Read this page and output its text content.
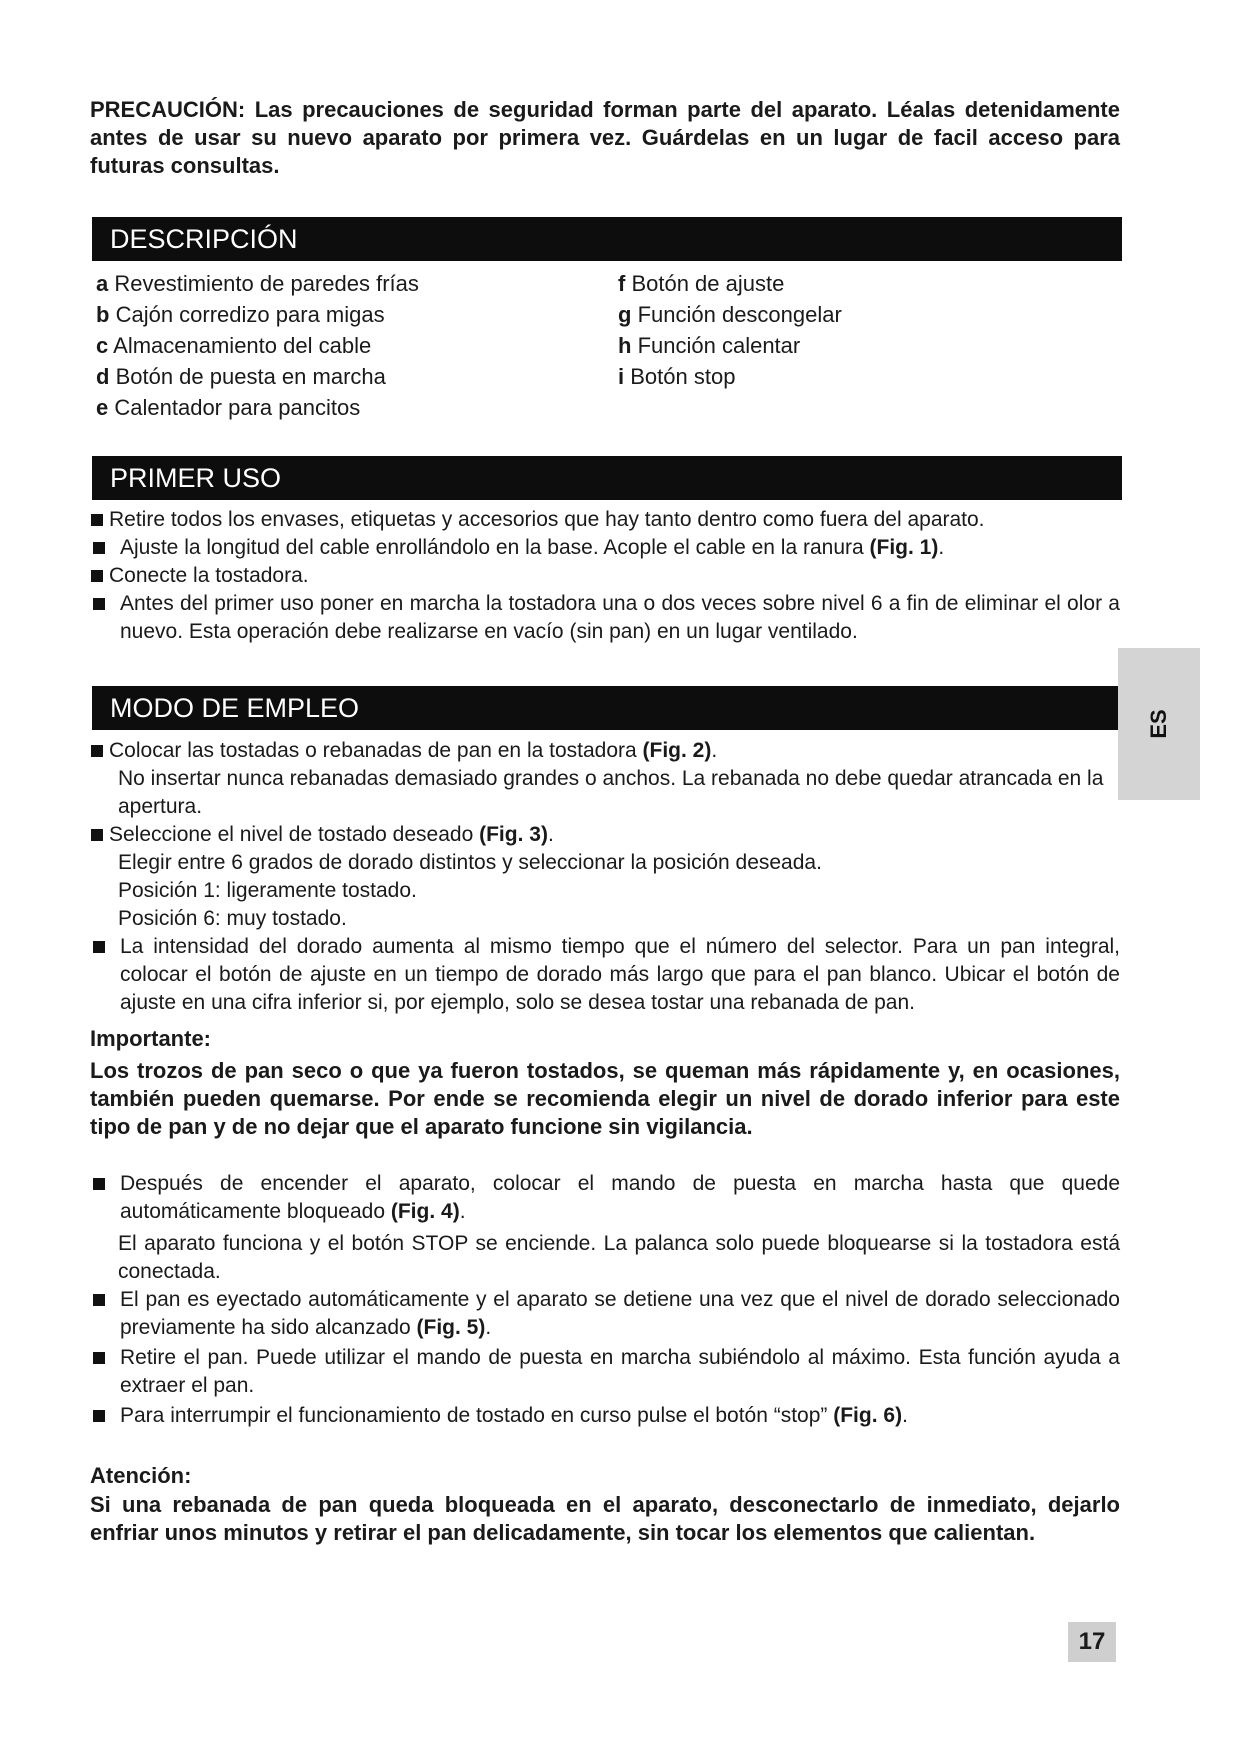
PRECAUCIÓN: Las precauciones de seguridad forman parte del aparato. Léalas detenidamente antes de usar su nuevo aparato por primera vez. Guárdelas en un lugar de facil acceso para futuras consultas.
DESCRIPCIÓN
a Revestimiento de paredes frías
b Cajón corredizo para migas
c Almacenamiento del cable
d Botón de puesta en marcha
e Calentador para pancitos
f Botón de ajuste
g Función descongelar
h Función calentar
i Botón stop
PRIMER USO
Retire todos los envases, etiquetas y accesorios que hay tanto dentro como fuera del aparato.
Ajuste la longitud del cable enrollándolo en la base. Acople el cable en la ranura (Fig. 1).
Conecte la tostadora.
Antes del primer uso poner en marcha la tostadora una o dos veces sobre nivel 6 a fin de eliminar el olor a nuevo. Esta operación debe realizarse en vacío (sin pan) en un lugar ventilado.
MODO DE EMPLEO
Colocar las tostadas o rebanadas de pan en la tostadora (Fig. 2).
No insertar nunca rebanadas demasiado grandes o anchos. La rebanada no debe quedar atrancada en la apertura.
Seleccione el nivel de tostado deseado (Fig. 3).
Elegir entre 6 grados de dorado distintos y seleccionar la posición deseada.
Posición 1: ligeramente tostado.
Posición 6: muy tostado.
La intensidad del dorado aumenta al mismo tiempo que el número del selector. Para un pan integral, colocar el botón de ajuste en un tiempo de dorado más largo que para el pan blanco. Ubicar el botón de ajuste en una cifra inferior si, por ejemplo, solo se desea tostar una rebanada de pan.
Importante:
Los trozos de pan seco o que ya fueron tostados, se queman más rápidamente y, en ocasiones, también pueden quemarse. Por ende se recomienda elegir un nivel de dorado inferior para este tipo de pan y de no dejar que el aparato funcione sin vigilancia.
Después de encender el aparato, colocar el mando de puesta en marcha hasta que quede automáticamente bloqueado (Fig. 4).
El aparato funciona y el botón STOP se enciende. La palanca solo puede bloquearse si la tostadora está conectada.
El pan es eyectado automáticamente y el aparato se detiene una vez que el nivel de dorado seleccionado previamente ha sido alcanzado (Fig. 5).
Retire el pan. Puede utilizar el mando de puesta en marcha subiéndolo al máximo. Esta función ayuda a extraer el pan.
Para interrumpir el funcionamiento de tostado en curso pulse el botón “stop” (Fig. 6).
Atención:
Si una rebanada de pan queda bloqueada en el aparato, desconectarlo de inmediato, dejarlo enfriar unos minutos y retirar el pan delicadamente, sin tocar los elementos que calientan.
ES
17
